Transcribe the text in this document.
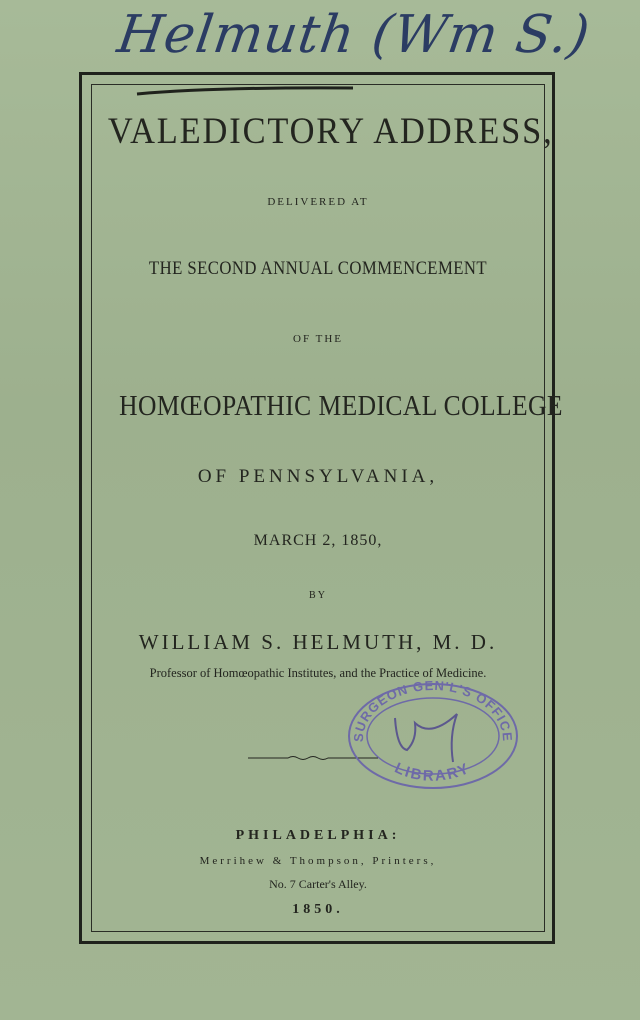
Helmuth (Wm S.)
VALEDICTORY ADDRESS,
DELIVERED AT
THE SECOND ANNUAL COMMENCEMENT
OF THE
HOMŒOPATHIC MEDICAL COLLEGE
OF PENNSYLVANIA,
MARCH 2, 1850,
BY
WILLIAM S. HELMUTH, M. D.
Professor of Homœopathic Institutes, and the Practice of Medicine.
SURGEON GEN'L'S OFFICE
LIBRARY
PHILADELPHIA:
Merrihew & Thompson, Printers,
No. 7 Carter's Alley.
1850.
